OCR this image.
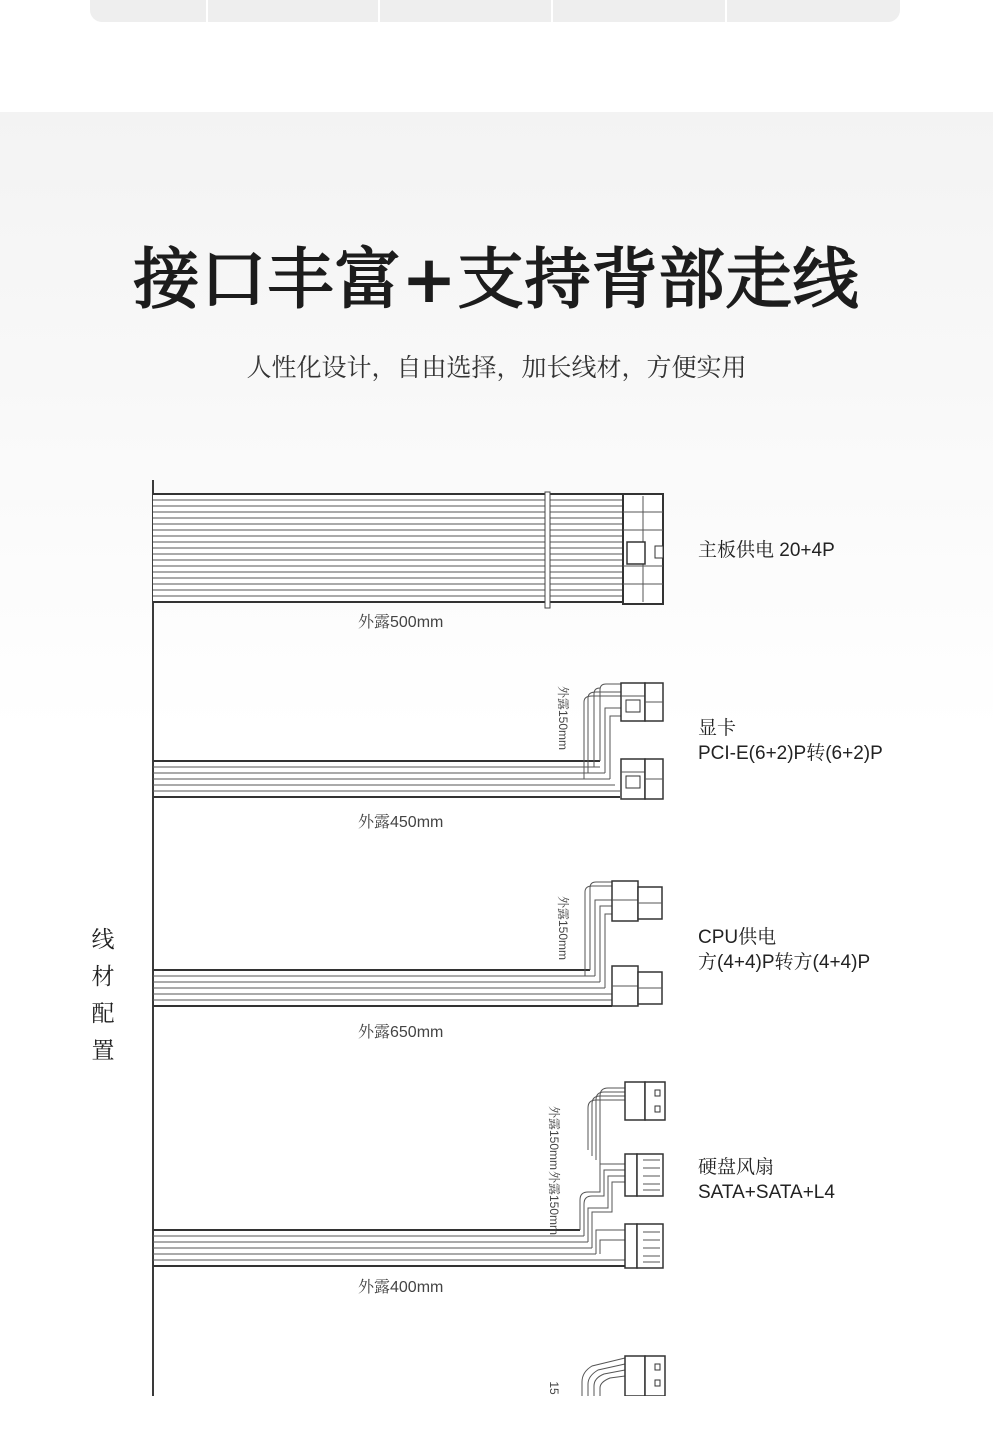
接口丰富+支持背部走线
人性化设计，自由选择，加长线材，方便实用
线
材
配
置
外露500mm
主板供电 20+4P
外露150mm
外露450mm
显卡
PCI-E(6+2)P转(6+2)P
外露150mm
外露650mm
CPU供电
方(4+4)P转方(4+4)P
外露150mm
外露150mm
外露400mm
硬盘风扇
SATA+SATA+L4
15
